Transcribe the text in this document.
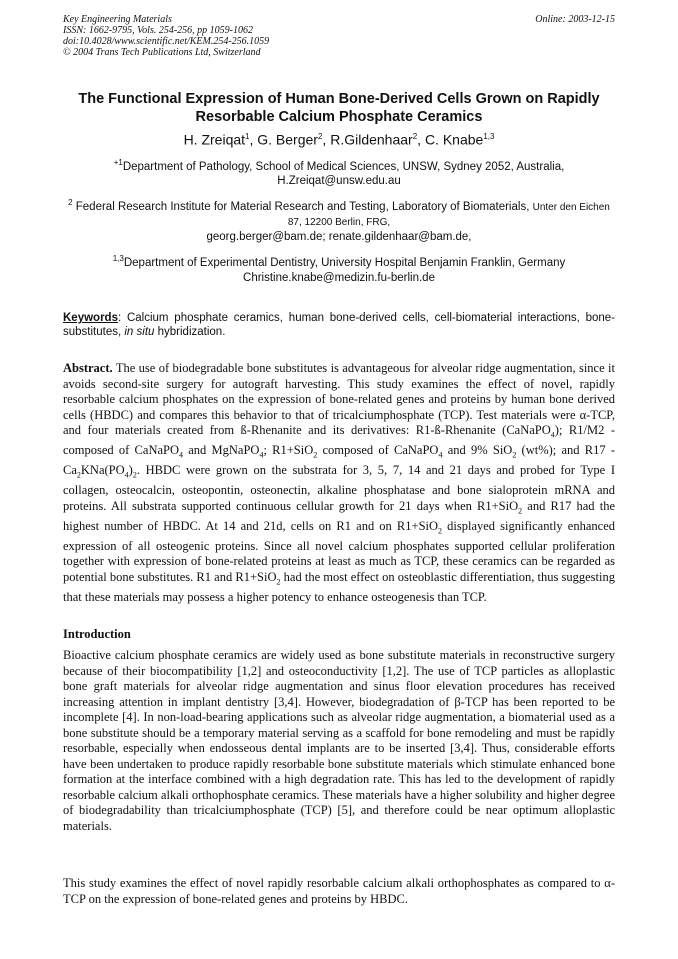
Key Engineering Materials
ISSN: 1662-9795, Vols. 254-256, pp 1059-1062
doi:10.4028/www.scientific.net/KEM.254-256.1059
© 2004 Trans Tech Publications Ltd, Switzerland
Online: 2003-12-15
The Functional Expression of Human Bone-Derived Cells Grown on Rapidly Resorbable Calcium Phosphate Ceramics
H. Zreiqat$^1$, G. Berger$^2$, R.Gildenhaar$^2$, C. Knabe$^{1,3}$
$^{+1}$Department of Pathology, School of Medical Sciences, UNSW, Sydney 2052, Australia,
H.Zreiqat@unsw.edu.au
$^2$ Federal Research Institute for Material Research and Testing, Laboratory of Biomaterials, Unter den Eichen 87, 12200 Berlin, FRG,
georg.berger@bam.de; renate.gildenhaar@bam.de,
$^{1,3}$Department of Experimental Dentistry, University Hospital Benjamin Franklin, Germany
Christine.knabe@medizin.fu-berlin.de
Keywords: Calcium phosphate ceramics, human bone-derived cells, cell-biomaterial interactions, bone-substitutes, in situ hybridization.
Abstract. The use of biodegradable bone substitutes is advantageous for alveolar ridge augmentation, since it avoids second-site surgery for autograft harvesting. This study examines the effect of novel, rapidly resorbable calcium phosphates on the expression of bone-related genes and proteins by human bone derived cells (HBDC) and compares this behavior to that of tricalciumphosphate (TCP). Test materials were α-TCP, and four materials created from ß-Rhenanite and its derivatives: R1-ß-Rhenanite (CaNaPO$_4$); R1/M2 - composed of CaNaPO$_4$ and MgNaPO$_4$; R1+SiO$_2$ composed of CaNaPO$_4$ and 9% SiO$_2$ (wt%); and $R17 - Ca_2KNa(PO_4)_2$. HBDC were grown on the substrata for 3, 5, 7, 14 and 21 days and probed for Type I collagen, osteocalcin, osteopontin, osteonectin, alkaline phosphatase and bone sialoprotein mRNA and proteins. All substrata supported continuous cellular growth for 21 days when R1+SiO$_2$ and R17 had the highest number of HBDC. At 14 and 21d, cells on R1 and on R1+SiO$_2$ displayed significantly enhanced expression of all osteogenic proteins. Since all novel calcium phosphates supported cellular proliferation together with expression of bone-related proteins at least as much as TCP, these ceramics can be regarded as potential bone substitutes. R1 and R1+SiO$_2$ had the most effect on osteoblastic differentiation, thus suggesting that these materials may possess a higher potency to enhance osteogenesis than TCP.
Introduction
Bioactive calcium phosphate ceramics are widely used as bone substitute materials in reconstructive surgery because of their biocompatibility [1,2] and osteoconductivity [1,2]. The use of TCP particles as alloplastic bone graft materials for alveolar ridge augmentation and sinus floor elevation procedures has received increasing attention in implant dentistry [3,4]. However, biodegradation of β-TCP has been reported to be incomplete [4]. In non-load-bearing applications such as alveolar ridge augmentation, a biomaterial used as a bone substitute should be a temporary material serving as a scaffold for bone remodeling and must be rapidly resorbable, especially when endosseous dental implants are to be inserted [3,4]. Thus, considerable efforts have been undertaken to produce rapidly resorbable bone substitute materials which stimulate enhanced bone formation at the interface combined with a high degradation rate. This has led to the development of rapidly resorbable calcium alkali orthophosphate ceramics. These materials have a higher solubility and higher degree of biodegradability than tricalciumphosphate (TCP) [5], and therefore could be near optimum alloplastic materials.
This study examines the effect of novel rapidly resorbable calcium alkali orthophosphates as compared to α-TCP on the expression of bone-related genes and proteins by HBDC.
